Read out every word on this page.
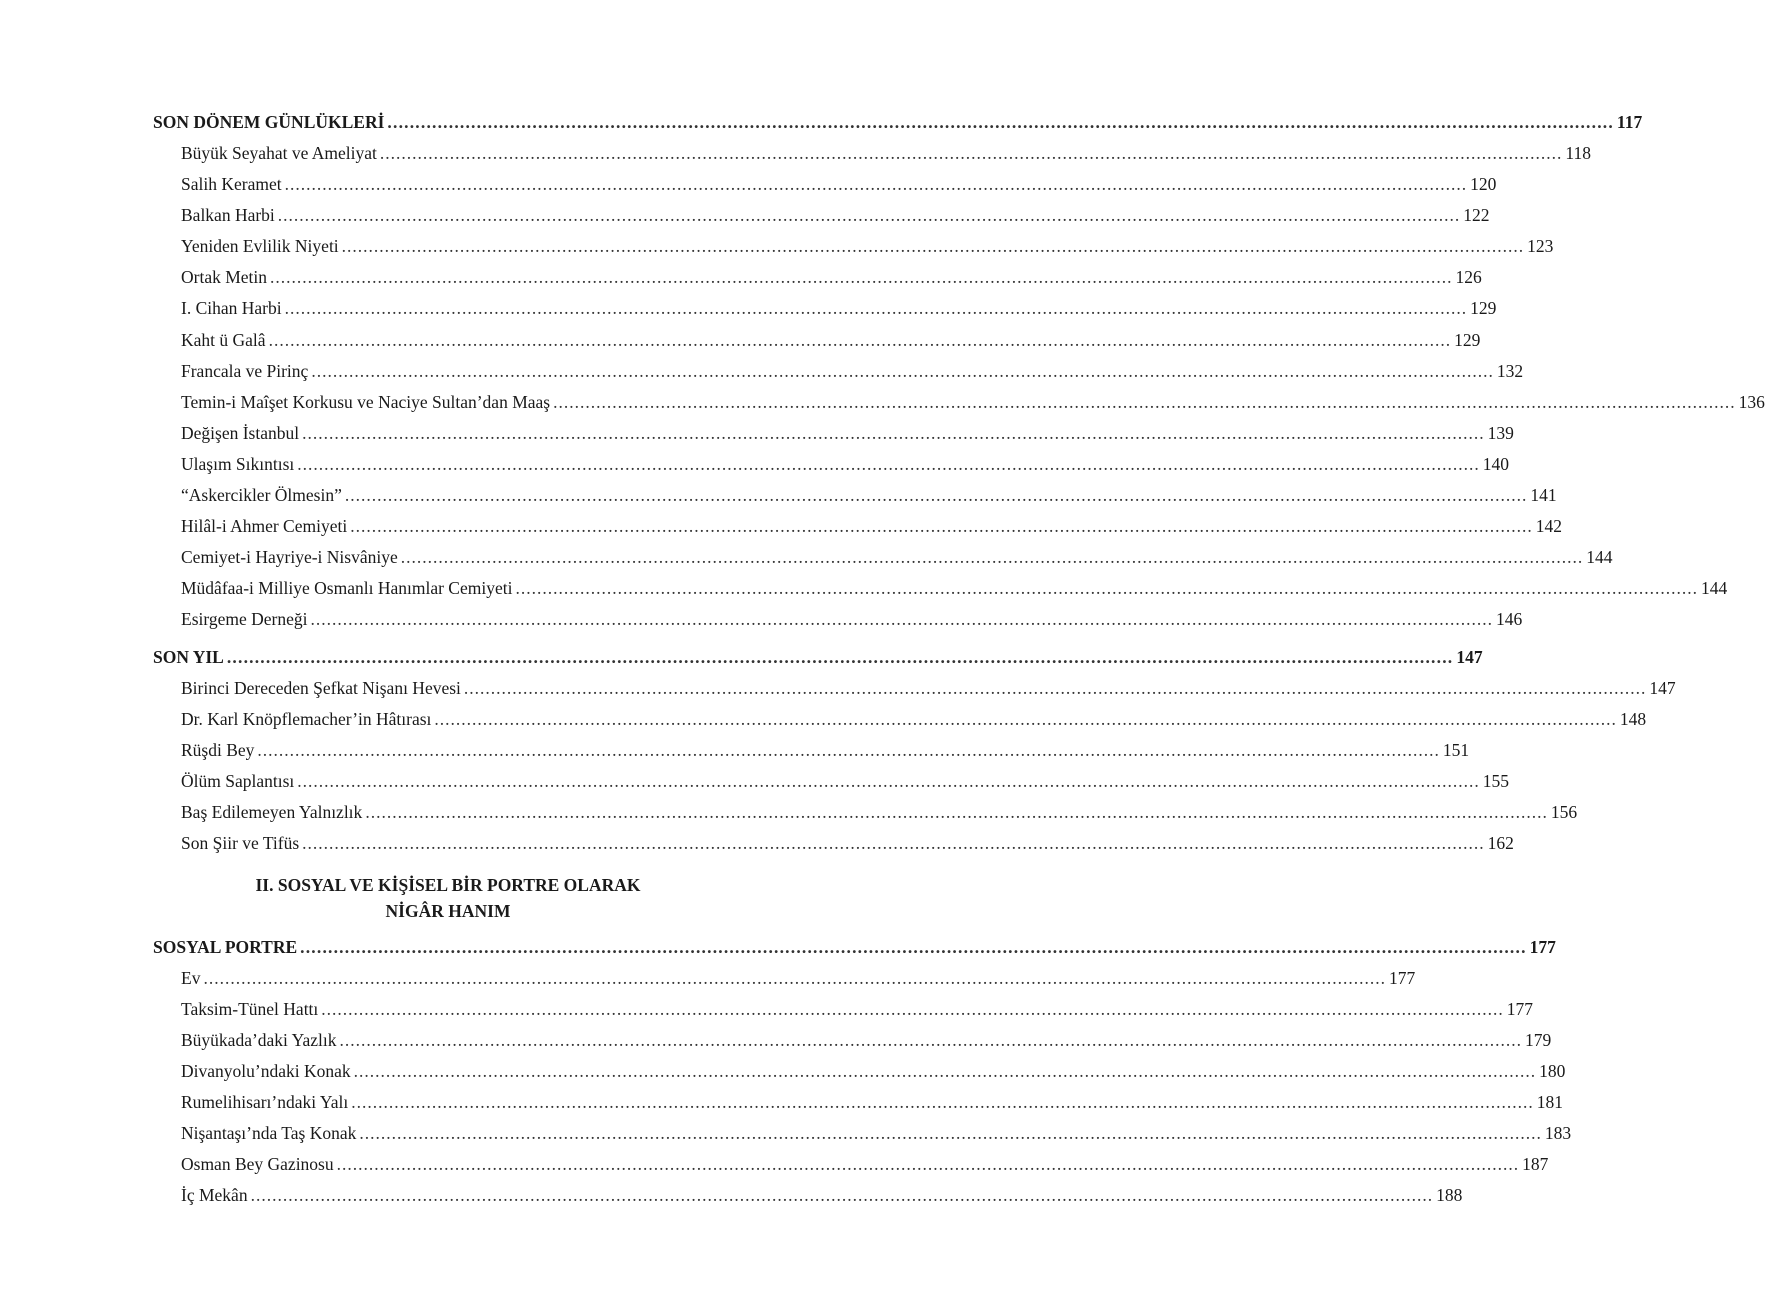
SON DÖNEM GÜNLÜKLERİ ............................................................................................................................................................................................................................ 117
Büyük Seyahat ve Ameliyat ............................................................................................................................................................................................................................ 118
Salih Keramet ............................................................................................................................................................................................................................ 120
Balkan Harbi ............................................................................................................................................................................................................................ 122
Yeniden Evlilik Niyeti ............................................................................................................................................................................................................................ 123
Ortak Metin ............................................................................................................................................................................................................................ 126
I. Cihan Harbi ............................................................................................................................................................................................................................ 129
Kaht ü Galâ ............................................................................................................................................................................................................................ 129
Francala ve Pirinç ............................................................................................................................................................................................................................ 132
Temin-i Maîşet Korkusu ve Naciye Sultan’dan Maaş ............................................................................................................................................................................................................................ 136
Değişen İstanbul ............................................................................................................................................................................................................................ 139
Ulaşım Sıkıntısı ............................................................................................................................................................................................................................ 140
“Askercikler Ölmesin” ............................................................................................................................................................................................................................ 141
Hilâl-i Ahmer Cemiyeti ............................................................................................................................................................................................................................ 142
Cemiyet-i Hayriye-i Nisvâniye ............................................................................................................................................................................................................................ 144
Müdâfaa-i Milliye Osmanlı Hanımlar Cemiyeti ............................................................................................................................................................................................................................ 144
Esirgeme Derneği ............................................................................................................................................................................................................................ 146
SON YIL ............................................................................................................................................................................................................................ 147
Birinci Dereceden Şefkat Nişanı Hevesi ............................................................................................................................................................................................................................ 147
Dr. Karl Knöpflemacher’in Hâtırası ............................................................................................................................................................................................................................ 148
Rüşdi Bey ............................................................................................................................................................................................................................ 151
Ölüm Saplantısı ............................................................................................................................................................................................................................ 155
Baş Edilemeyen Yalnızlık ............................................................................................................................................................................................................................ 156
Son Şiir ve Tifüs ............................................................................................................................................................................................................................ 162
II. SOSYAL VE KİŞİSEL BİR PORTRE OLARAK
NİGÂR HANIM
SOSYAL PORTRE ............................................................................................................................................................................................................................ 177
Ev ............................................................................................................................................................................................................................ 177
Taksim-Tünel Hattı ............................................................................................................................................................................................................................ 177
Büyükada’daki Yazlık ............................................................................................................................................................................................................................ 179
Divanyolu’ndaki Konak ............................................................................................................................................................................................................................ 180
Rumelihisarı’ndaki Yalı ............................................................................................................................................................................................................................ 181
Nişantaşı’nda Taş Konak ............................................................................................................................................................................................................................ 183
Osman Bey Gazinosu ............................................................................................................................................................................................................................ 187
İç Mekân ............................................................................................................................................................................................................................ 188
